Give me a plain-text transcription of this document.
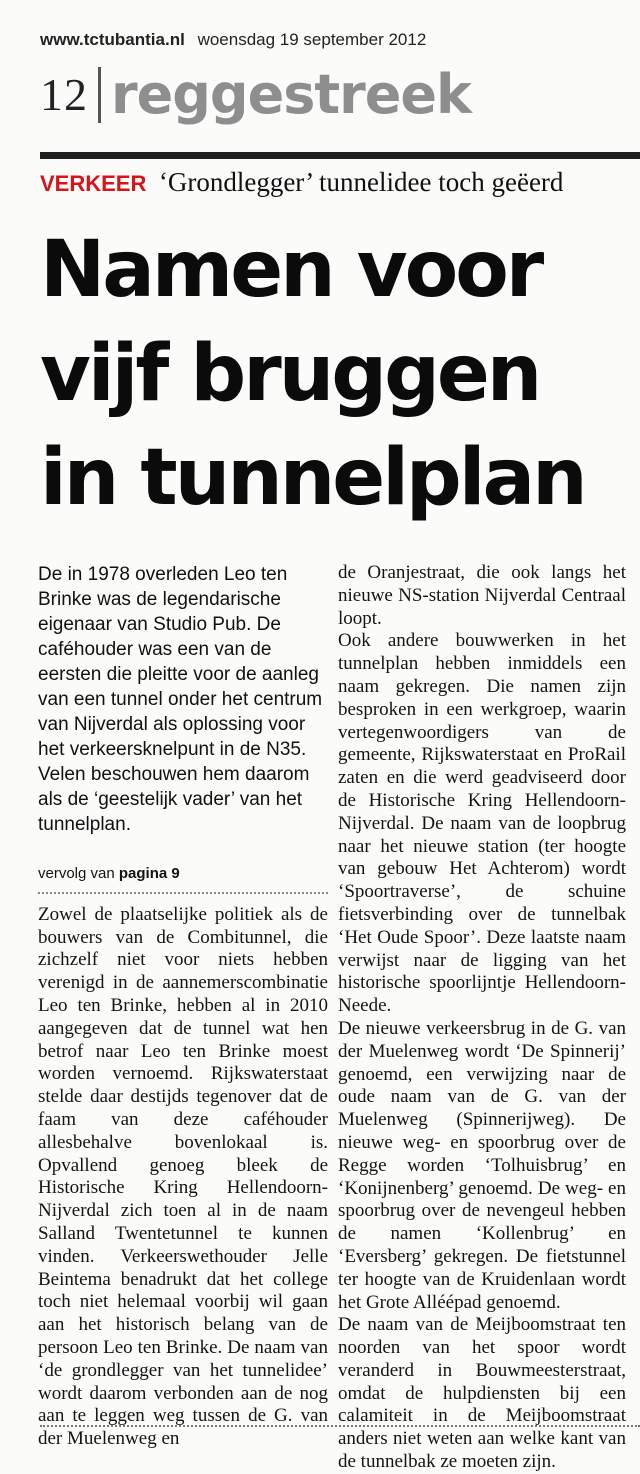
www.tctubantia.nl woensdag 19 september 2012
12 reggestreek
VERKEER ‘Grondlegger’ tunnelidee toch geëerd
Namen voor
vijf bruggen
in tunnelplan
De in 1978 overleden Leo ten Brinke was de legendarische eigenaar van Studio Pub. De caféhouder was een van de eersten die pleitte voor de aanleg van een tunnel onder het centrum van Nijverdal als oplossing voor het verkeersknelpunt in de N35. Velen beschouwen hem daarom als de ‘geestelijk vader’ van het tunnelplan.
vervolg van pagina 9

Zowel de plaatselijke politiek als de bouwers van de Combitunnel, die zichzelf niet voor niets hebben verenigd in de aannemerscombinatie Leo ten Brinke, hebben al in 2010 aangegeven dat de tunnel wat hen betrof naar Leo ten Brinke moest worden vernoemd. Rijkswaterstaat stelde daar destijds tegenover dat de faam van deze caféhouder allesbehalve bovenlokaal is. Opvallend genoeg bleek de Historische Kring Hellendoorn-Nijverdal zich toen al in de naam Salland Twentetunnel te kunnen vinden. Verkeerswethouder Jelle Beintema benadrukt dat het college toch niet helemaal voorbij wil gaan aan het historisch belang van de persoon Leo ten Brinke. De naam van ‘de grondlegger van het tunnelidee’ wordt daarom verbonden aan de nog aan te leggen weg tussen de G. van der Muelenweg en

de Oranjestraat, die ook langs het nieuwe NS-station Nijverdal Centraal loopt.

Ook andere bouwwerken in het tunnelplan hebben inmiddels een naam gekregen. Die namen zijn besproken in een werkgroep, waarin vertegenwoordigers van de gemeente, Rijkswaterstaat en ProRail zaten en die werd geadviseerd door de Historische Kring Hellendoorn-Nijverdal. De naam van de loopbrug naar het nieuwe station (ter hoogte van gebouw Het Achterom) wordt ‘Spoortraverse’, de schuine fietsverbinding over de tunnelbak ‘Het Oude Spoor’. Deze laatste naam verwijst naar de ligging van het historische spoorlijntje Hellendoorn-Neede.

De nieuwe verkeersbrug in de G. van der Muelenweg wordt ‘De Spinnerij’ genoemd, een verwijzing naar de oude naam van de G. van der Muelenweg (Spinnerijweg). De nieuwe weg- en spoorbrug over de Regge worden ‘Tolhuisbrug’ en ‘Konijnenberg’ genoemd. De weg- en spoorbrug over de nevengeul hebben de namen ‘Kollenbrug’ en ‘Eversberg’ gekregen. De fietstunnel ter hoogte van de Kruidenlaan wordt het Grote Alléépad genoemd.

De naam van de Meijboomstraat ten noorden van het spoor wordt veranderd in Bouwmeesterstraat, omdat de hulpdiensten bij een calamiteit in de Meijboomstraat anders niet weten aan welke kant van de tunnelbak ze moeten zijn.
